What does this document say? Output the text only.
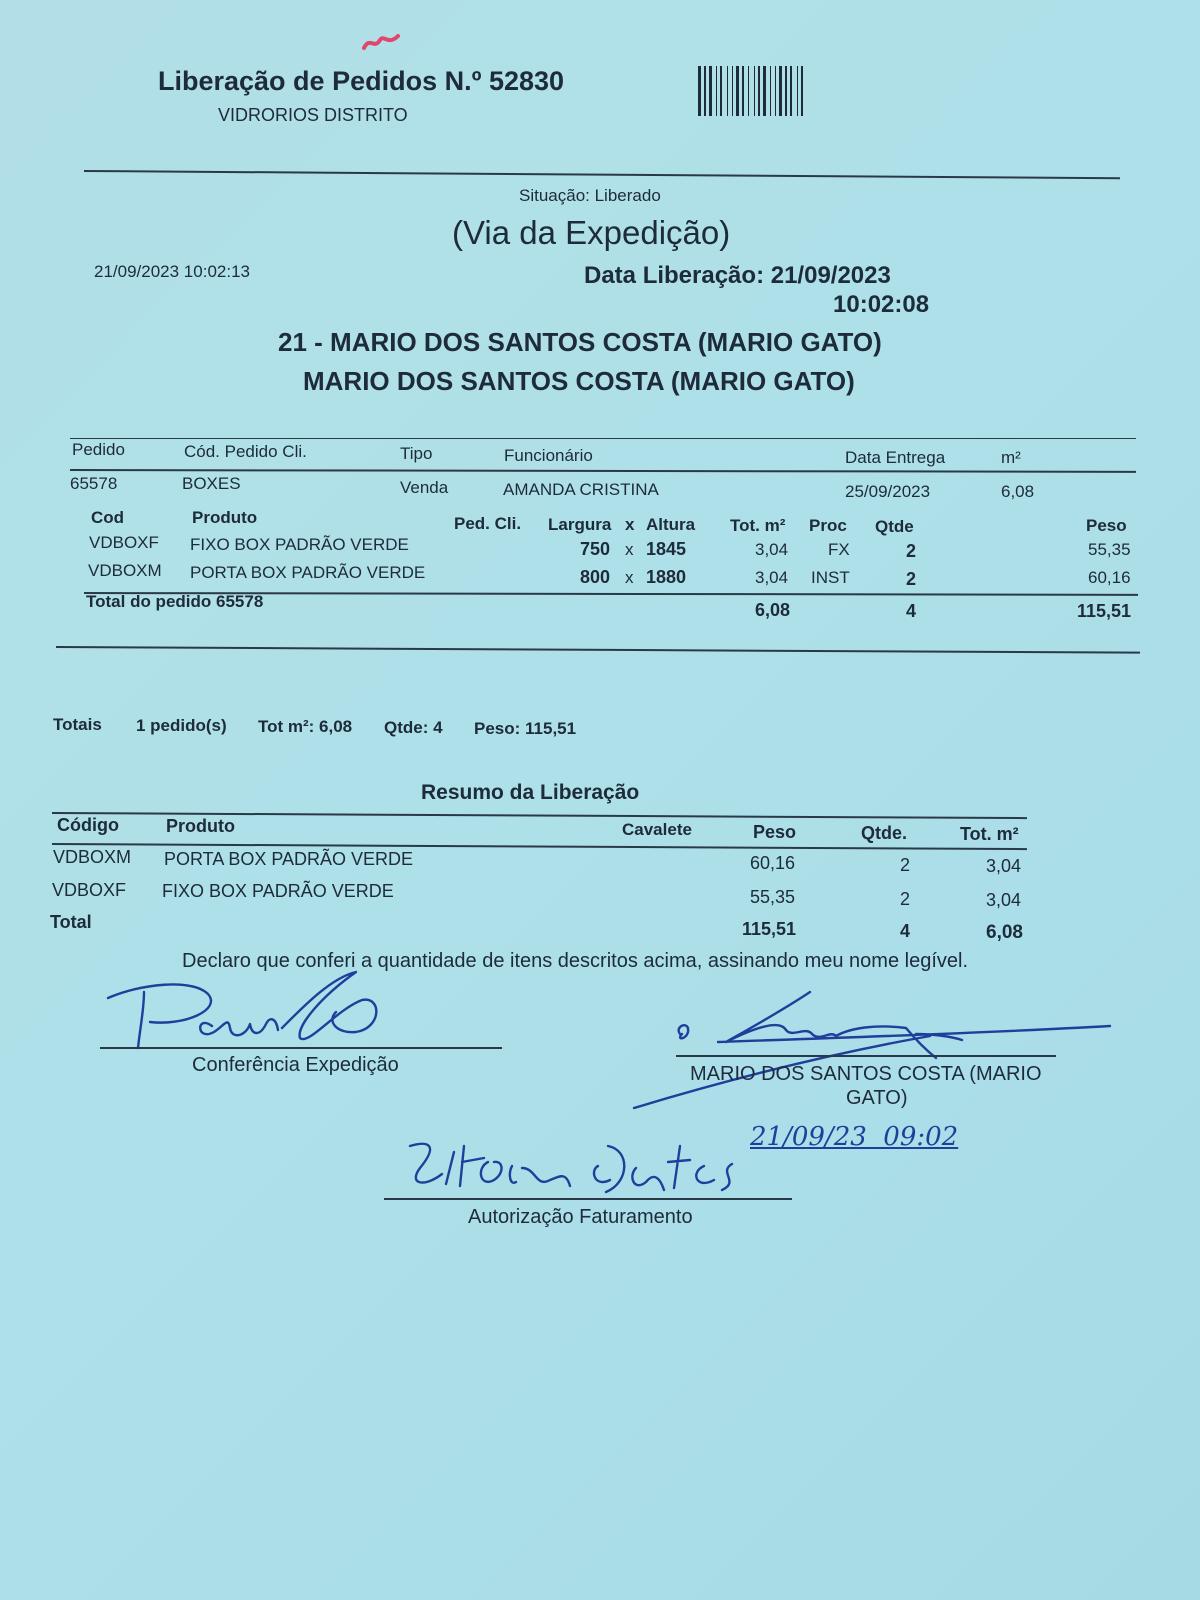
Liberação de Pedidos N.º 52830
VIDRORIOS DISTRITO
Situação: Liberado
(Via da Expedição)
21/09/2023 10:02:13	Data Liberação: 21/09/2023
10:02:08
21 - MARIO DOS SANTOS COSTA (MARIO GATO)
MARIO DOS SANTOS COSTA (MARIO GATO)
Pedido	Cód. Pedido Cli.	Tipo	Funcionário	Data Entrega	m²
65578	BOXES	Venda	AMANDA CRISTINA	25/09/2023	6,08
Cod	Produto	Ped. Cli. Largura x Altura Tot. m² Proc Qtde	Peso
VDBOXF FIXO BOX PADRÃO VERDE	750 x 1845	3,04 FX	2	55,35
VDBOXM PORTA BOX PADRÃO VERDE	800 x 1880	3,04 INST	2	60,16
Total do pedido 65578	6,08	4	115,51
Totais 1 pedido(s) Tot m²: 6,08 Qtde: 4 Peso: 115,51
Resumo da Liberação
Código	Produto	Cavalete	Peso	Qtde.	Tot. m²
VDBOXM PORTA BOX PADRÃO VERDE	60,16	2	3,04
VDBOXF FIXO BOX PADRÃO VERDE	55,35	2	3,04
Total	115,51	4	6,08
Declaro que conferi a quantidade de itens descritos acima, assinando meu nome legível.
Conferência Expedição	MARIO DOS SANTOS COSTA (MARIO
GATO)
21/09/23  09:02
Autorização Faturamento
